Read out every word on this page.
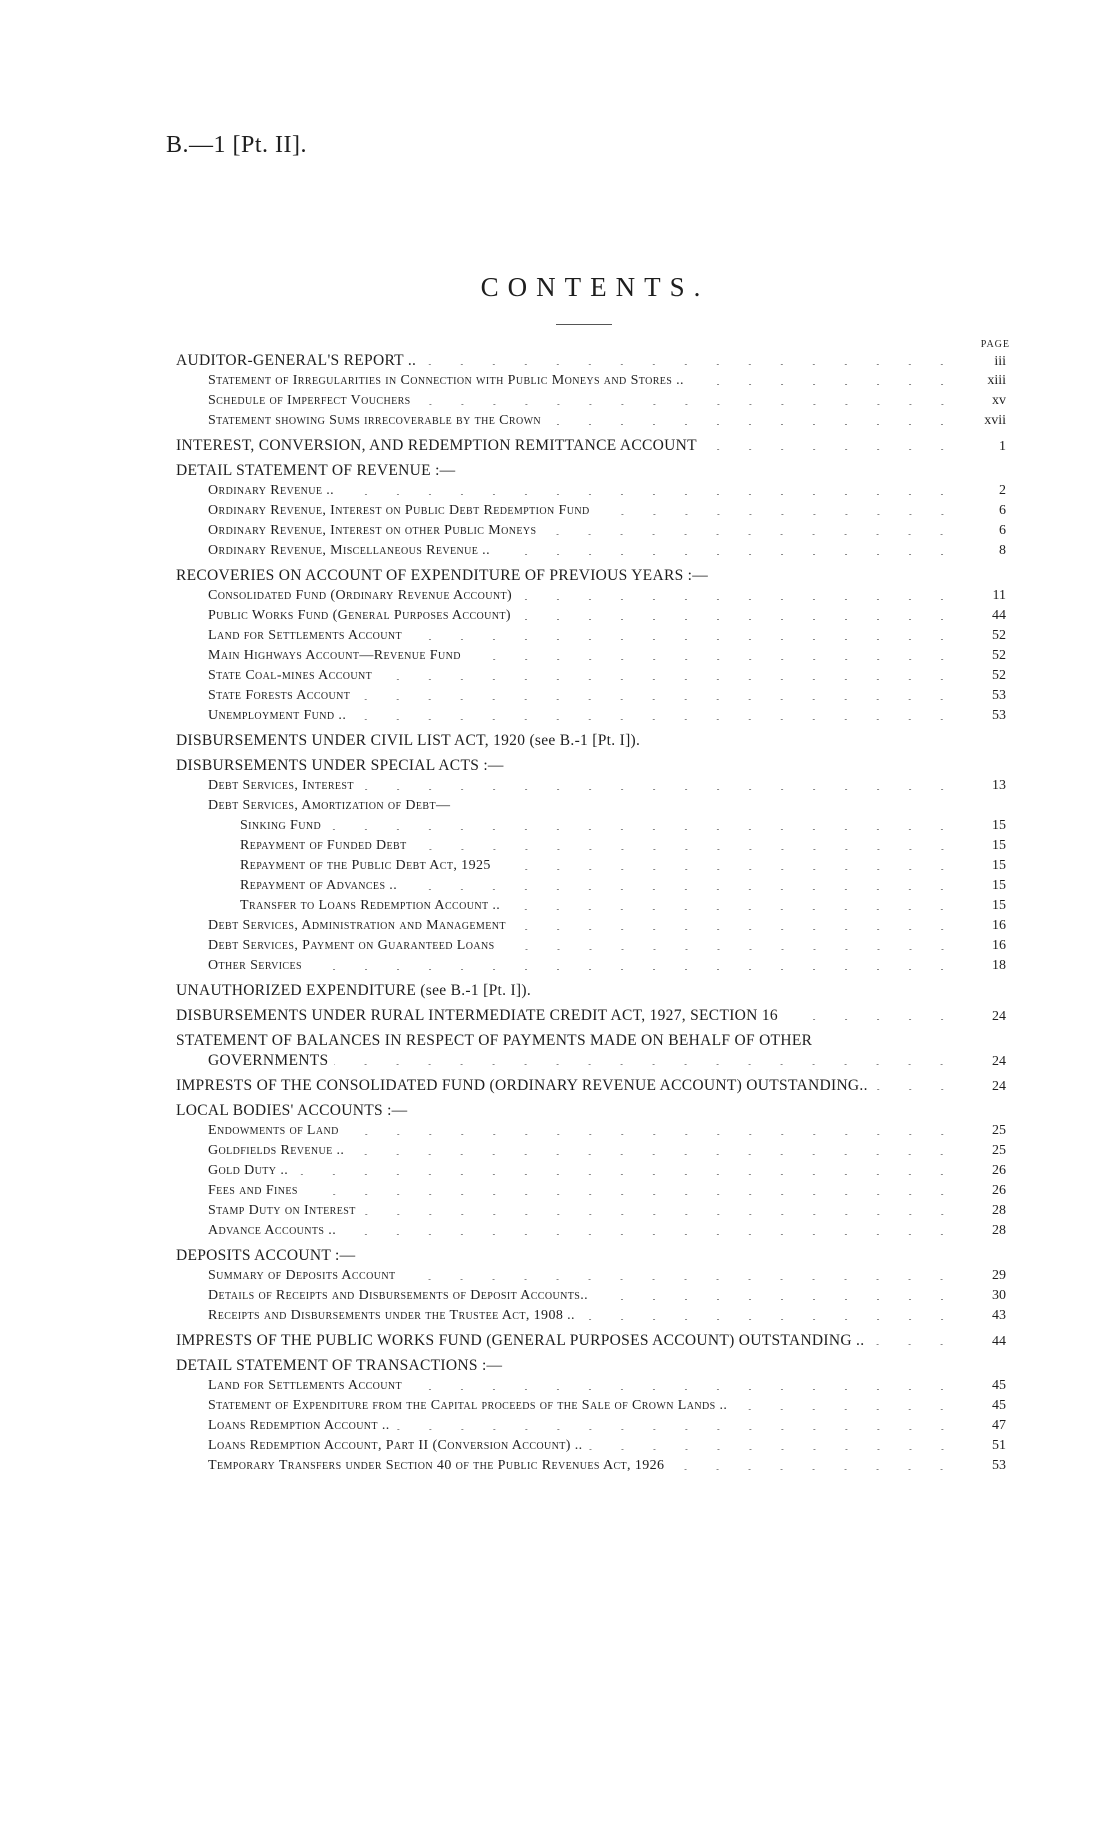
B.—1 [Pt. II].
CONTENTS.
PAGE
AUDITOR-GENERAL'S REPORT ..	iii
Statement of Irregularities in Connection with Public Moneys and Stores ..	xiii
Schedule of Imperfect Vouchers	xv
Statement showing Sums irrecoverable by the Crown	xvii
INTEREST, CONVERSION, AND REDEMPTION REMITTANCE ACCOUNT	1
DETAIL STATEMENT OF REVENUE :—
Ordinary Revenue ..	2
Ordinary Revenue, Interest on Public Debt Redemption Fund	6
Ordinary Revenue, Interest on other Public Moneys	6
Ordinary Revenue, Miscellaneous Revenue ..	8
RECOVERIES ON ACCOUNT OF EXPENDITURE OF PREVIOUS YEARS :—
Consolidated Fund (Ordinary Revenue Account)	11
Public Works Fund (General Purposes Account)	44
Land for Settlements Account	52
Main Highways Account—Revenue Fund	52
State Coal-mines Account	52
State Forests Account	53
Unemployment Fund ..	53
DISBURSEMENTS UNDER CIVIL LIST ACT, 1920 (see B.-1 [Pt. I]).
DISBURSEMENTS UNDER SPECIAL ACTS :—
Debt Services, Interest	13
Debt Services, Amortization of Debt—
Sinking Fund	15
Repayment of Funded Debt	15
Repayment of the Public Debt Act, 1925	15
Repayment of Advances ..	15
Transfer to Loans Redemption Account ..	15
Debt Services, Administration and Management	16
Debt Services, Payment on Guaranteed Loans	16
Other Services	18
UNAUTHORIZED EXPENDITURE (see B.-1 [Pt. I]).
DISBURSEMENTS UNDER RURAL INTERMEDIATE CREDIT ACT, 1927, SECTION 16	24
STATEMENT OF BALANCES IN RESPECT OF PAYMENTS MADE ON BEHALF OF OTHER
GOVERNMENTS	24
IMPRESTS OF THE CONSOLIDATED FUND (ORDINARY REVENUE ACCOUNT) OUTSTANDING..	24
LOCAL BODIES' ACCOUNTS :—
Endowments of Land	25
Goldfields Revenue ..	25
Gold Duty ..	26
Fees and Fines	26
Stamp Duty on Interest	28
Advance Accounts ..	28
DEPOSITS ACCOUNT :—
Summary of Deposits Account	29
Details of Receipts and Disbursements of Deposit Accounts..	30
Receipts and Disbursements under the Trustee Act, 1908 ..	43
IMPRESTS OF THE PUBLIC WORKS FUND (GENERAL PURPOSES ACCOUNT) OUTSTANDING ..	44
DETAIL STATEMENT OF TRANSACTIONS :—
Land for Settlements Account	45
Statement of Expenditure from the Capital proceeds of the Sale of Crown Lands ..	45
Loans Redemption Account ..	47
Loans Redemption Account, Part II (Conversion Account) ..	51
Temporary Transfers under Section 40 of the Public Revenues Act, 1926	53
